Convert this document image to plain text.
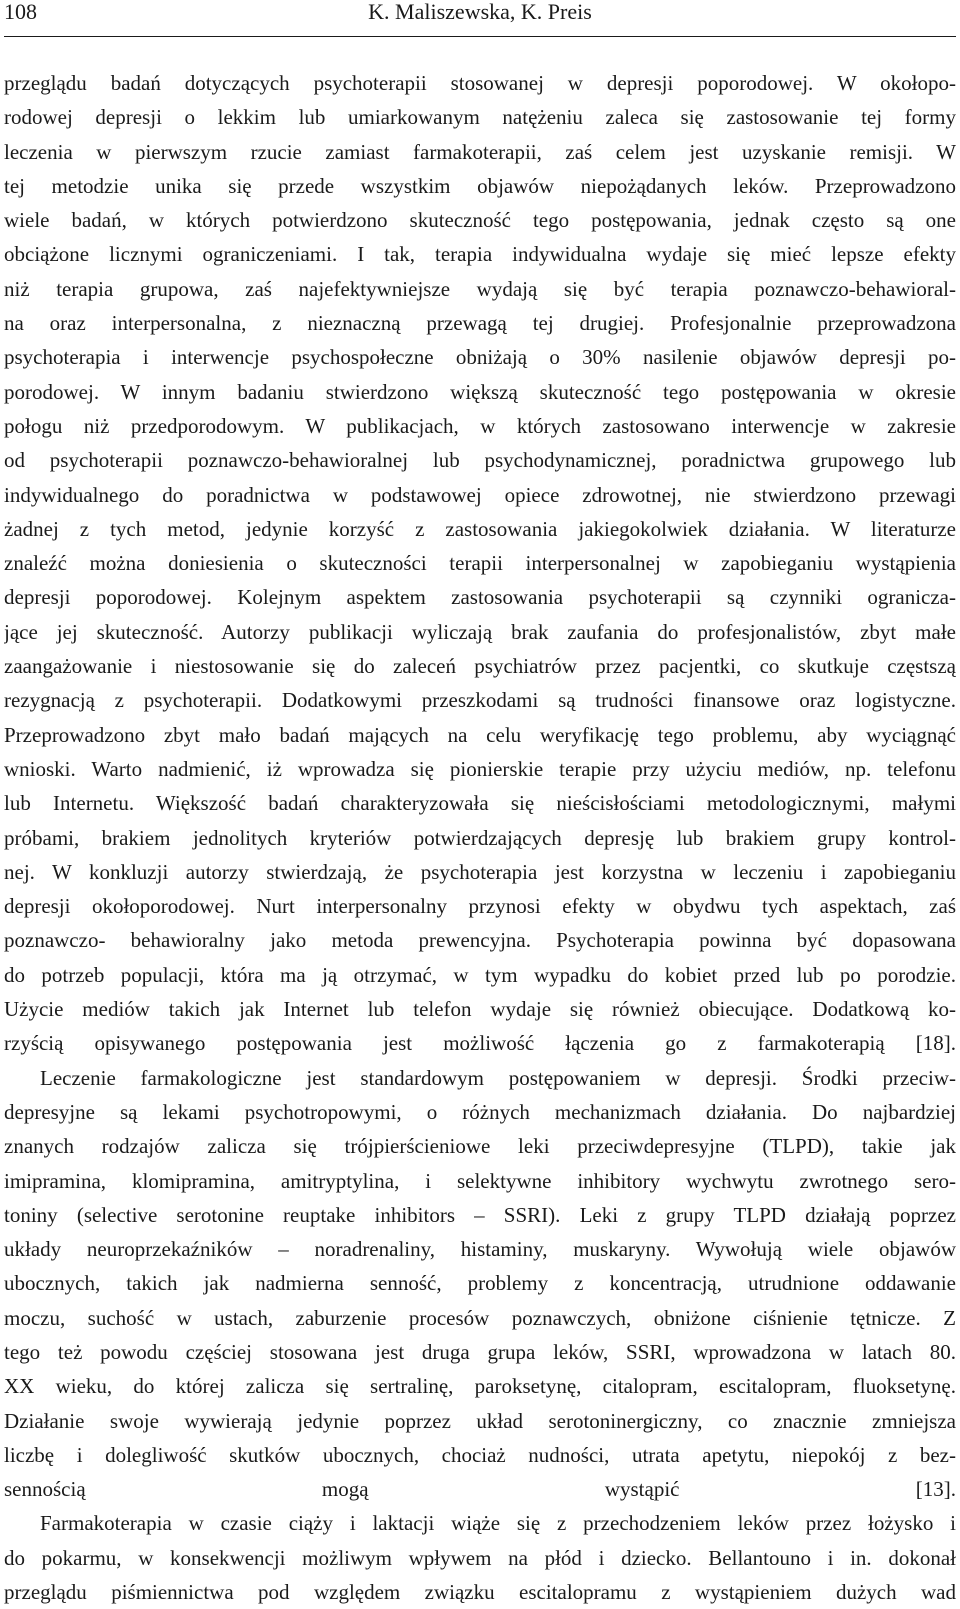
108	K. Maliszewska, K. Preis
przeglądu badań dotyczących psychoterapii stosowanej w depresji poporodowej. W okołopo-
rodowej depresji o lekkim lub umiarkowanym natężeniu zaleca się zastosowanie tej formy
leczenia w pierwszym rzucie zamiast farmakoterapii, zaś celem jest uzyskanie remisji. W
tej metodzie unika się przede wszystkim objawów niepożądanych leków. Przeprowadzono
wiele badań, w których potwierdzono skuteczność tego postępowania, jednak często są one
obciążone licznymi ograniczeniami. I tak, terapia indywidualna wydaje się mieć lepsze efekty
niż terapia grupowa, zaś najefektywniejsze wydają się być terapia poznawczo-behawioral-
na oraz interpersonalna, z nieznaczną przewagą tej drugiej. Profesjonalnie przeprowadzona
psychoterapia i interwencje psychospołeczne obniżają o 30% nasilenie objawów depresji po-
porodowej. W innym badaniu stwierdzono większą skuteczność tego postępowania w okresie
połogu niż przedporodowym. W publikacjach, w których zastosowano interwencje w zakresie
od psychoterapii poznawczo-behawioralnej lub psychodynamicznej, poradnictwa grupowego lub
indywidualnego do poradnictwa w podstawowej opiece zdrowotnej, nie stwierdzono przewagi
żadnej z tych metod, jedynie korzyść z zastosowania jakiegokolwiek działania. W literaturze
znaleźć można doniesienia o skuteczności terapii interpersonalnej w zapobieganiu wystąpienia
depresji poporodowej. Kolejnym aspektem zastosowania psychoterapii są czynniki ogranicza-
jące jej skuteczność. Autorzy publikacji wyliczają brak zaufania do profesjonalistów, zbyt małe
zaangażowanie i niestosowanie się do zaleceń psychiatrów przez pacjentki, co skutkuje częstszą
rezygnacją z psychoterapii. Dodatkowymi przeszkodami są trudności finansowe oraz logistyczne.
Przeprowadzono zbyt mało badań mających na celu weryfikację tego problemu, aby wyciągnąć
wnioski. Warto nadmienić, iż wprowadza się pionierskie terapie przy użyciu mediów, np. telefonu
lub Internetu. Większość badań charakteryzowała się nieścisłościami metodologicznymi, małymi
próbami, brakiem jednolitych kryteriów potwierdzających depresję lub brakiem grupy kontrol-
nej. W konkluzji autorzy stwierdzają, że psychoterapia jest korzystna w leczeniu i zapobieganiu
depresji okołoporodowej. Nurt interpersonalny przynosi efekty w obydwu tych aspektach, zaś
poznawczo- behawioralny jako metoda prewencyjna. Psychoterapia powinna być dopasowana
do potrzeb populacji, która ma ją otrzymać, w tym wypadku do kobiet przed lub po porodzie.
Użycie mediów takich jak Internet lub telefon wydaje się również obiecujące. Dodatkową ko-
rzyścią opisywanego postępowania jest możliwość łączenia go z farmakoterapią [18].
Leczenie farmakologiczne jest standardowym postępowaniem w depresji. Środki przeciw-
depresyjne są lekami psychotropowymi, o różnych mechanizmach działania. Do najbardziej
znanych rodzajów zalicza się trójpierścieniowe leki przeciwdepresyjne (TLPD), takie jak
imipramina, klomipramina, amitryptylina, i selektywne inhibitory wychwytu zwrotnego sero-
toniny (selective serotonine reuptake inhibitors – SSRI). Leki z grupy TLPD działają poprzez
układy neuroprzekaźników – noradrenaliny, histaminy, muskaryny. Wywołują wiele objawów
ubocznych, takich jak nadmierna senność, problemy z koncentracją, utrudnione oddawanie
moczu, suchość w ustach, zaburzenie procesów poznawczych, obniżone ciśnienie tętnicze. Z
tego też powodu częściej stosowana jest druga grupa leków, SSRI, wprowadzona w latach 80.
XX wieku, do której zalicza się sertralinę, paroksetynę, citalopram, escitalopram, fluoksetynę.
Działanie swoje wywierają jedynie poprzez układ serotoninergiczny, co znacznie zmniejsza
liczbę i dolegliwość skutków ubocznych, chociaż nudności, utrata apetytu, niepokój z bez-
sennością mogą wystąpić [13].
Farmakoterapia w czasie ciąży i laktacji wiąże się z przechodzeniem leków przez łożysko i
do pokarmu, w konsekwencji możliwym wpływem na płód i dziecko. Bellantouno i in. dokonał
przeglądu piśmiennictwa pod względem związku escitalopramu z wystąpieniem dużych wad
